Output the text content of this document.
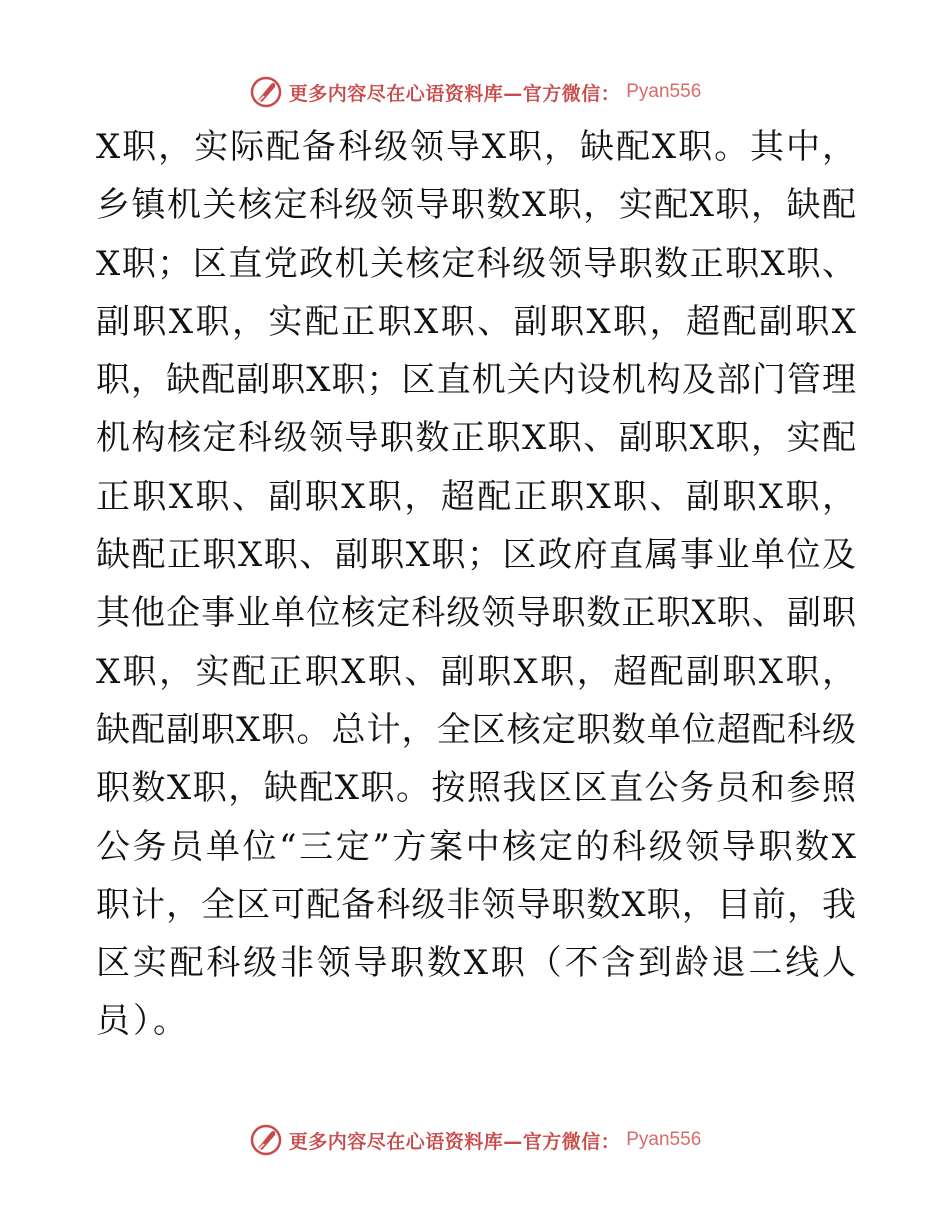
更多内容尽在心语资料库—官方微信： Pyan556
X职，实际配备科级领导X职，缺配X职。其中，
乡镇机关核定科级领导职数X职，实配X职，缺配
X职；区直党政机关核定科级领导职数正职X职、
副职X职，实配正职X职、副职X职，超配副职X
职，缺配副职X职；区直机关内设机构及部门管理
机构核定科级领导职数正职X职、副职X职，实配
正职X职、副职X职，超配正职X职、副职X职，
缺配正职X职、副职X职；区政府直属事业单位及
其他企事业单位核定科级领导职数正职X职、副职
X职，实配正职X职、副职X职，超配副职X职，
缺配副职X职。总计，全区核定职数单位超配科级
职数X职，缺配X职。按照我区区直公务员和参照
公务员单位“三定”方案中核定的科级领导职数X
职计，全区可配备科级非领导职数X职，目前，我
区实配科级非领导职数X职（不含到龄退二线人
员）。
更多内容尽在心语资料库—官方微信： Pyan556
